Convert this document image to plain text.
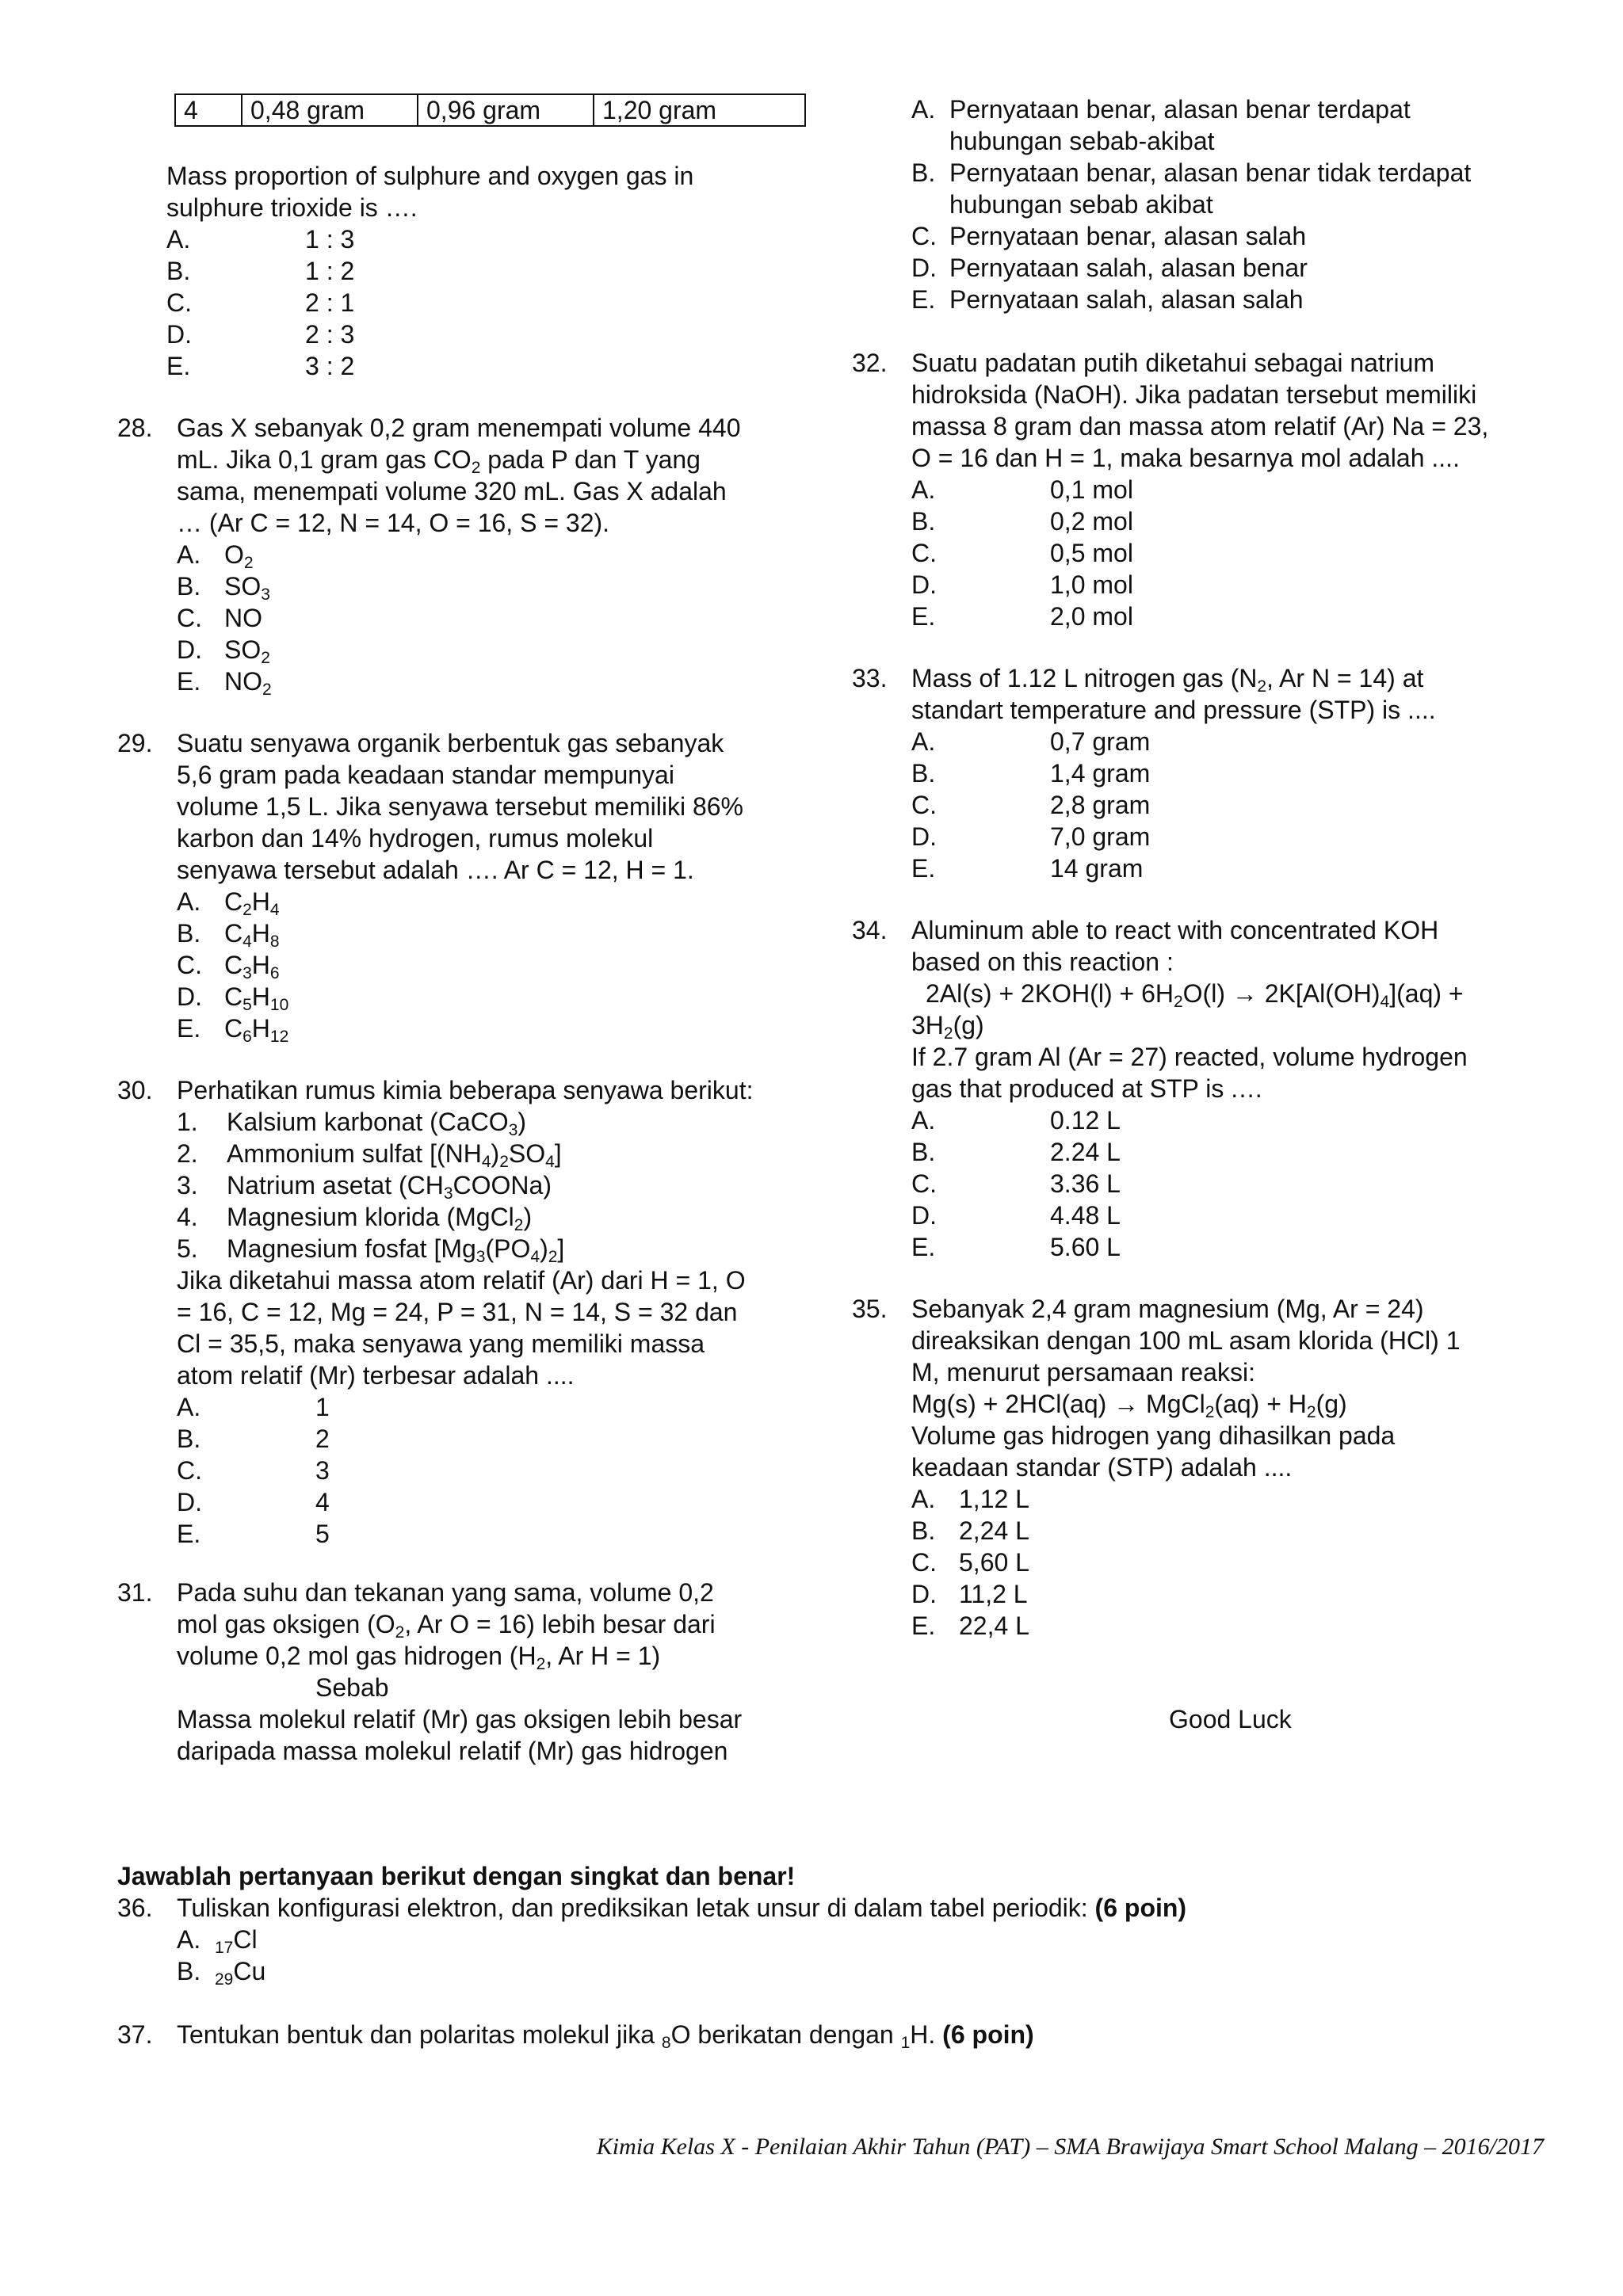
4	0,48 gram	0,96 gram	1,20 gram
Mass proportion of sulphure and oxygen gas in
sulphure trioxide is ….
A.	1 : 3
B.	1 : 2
C.	2 : 1
D.	2 : 3
E.	3 : 2
28. Gas X sebanyak 0,2 gram menempati volume 440
mL. Jika 0,1 gram gas $CO_2$ pada P dan T yang
sama, menempati volume 320 mL. Gas X adalah
… (Ar C = 12, N = 14, O = 16, S = 32).
A. $O_2$
B. $SO_3$
C. NO
D. $SO_2$
E. $NO_2$
29. Suatu senyawa organik berbentuk gas sebanyak
5,6 gram pada keadaan standar mempunyai
volume 1,5 L. Jika senyawa tersebut memiliki 86%
karbon dan 14% hydrogen, rumus molekul
senyawa tersebut adalah …. Ar C = 12, H = 1.
A. $C_2H_4$
B. $C_4H_8$
C. $C_3H_6$
D. $C_5H_{10}$
E. $C_6H_{12}$
30. Perhatikan rumus kimia beberapa senyawa berikut:
1. Kalsium karbonat (CaCO$_3$)
2. Ammonium sulfat $[(NH_4)_2SO_4]$
3. Natrium asetat $(CH_3COONa)$
4. Magnesium klorida (MgCl$_2$)
5. Magnesium fosfat $[Mg_3(PO_4)_2]$
Jika diketahui massa atom relatif (Ar) dari H = 1, O
= 16, C = 12, Mg = 24, P = 31, N = 14, S = 32 dan
Cl = 35,5, maka senyawa yang memiliki massa
atom relatif (Mr) terbesar adalah ....
A.	1
B.	2
C.	3
D.	4
E.	5
31. Pada suhu dan tekanan yang sama, volume 0,2
mol gas oksigen ($O_2$, Ar O = 16) lebih besar dari
volume 0,2 mol gas hidrogen ($H_2$, Ar H = 1)
Sebab
Massa molekul relatif (Mr) gas oksigen lebih besar
daripada massa molekul relatif (Mr) gas hidrogen
A. Pernyataan benar, alasan benar terdapat
hubungan sebab-akibat
B. Pernyataan benar, alasan benar tidak terdapat
hubungan sebab akibat
C. Pernyataan benar, alasan salah
D. Pernyataan salah, alasan benar
E. Pernyataan salah, alasan salah
32. Suatu padatan putih diketahui sebagai natrium
hidroksida (NaOH). Jika padatan tersebut memiliki
massa 8 gram dan massa atom relatif (Ar) Na = 23,
O = 16 dan H = 1, maka besarnya mol adalah ....
A.	0,1 mol
B.	0,2 mol
C.	0,5 mol
D.	1,0 mol
E.	2,0 mol
33. Mass of 1.12 L nitrogen gas ($N_2$, Ar N = 14) at
standart temperature and pressure (STP) is ....
A.	0,7 gram
B.	1,4 gram
C.	2,8 gram
D.	7,0 gram
E.	14 gram
34. Aluminum able to react with concentrated KOH
based on this reaction :
$2Al(s) + 2KOH(l) + 6H_2O(l) \to 2K[Al(OH)_4](aq)$ +
$3H_2(g)$
If 2.7 gram Al (Ar = 27) reacted, volume hydrogen
gas that produced at STP is .…
A.	0.12 L
B.	2.24 L
C.	3.36 L
D.	4.48 L
E.	5.60 L
35. Sebanyak 2,4 gram magnesium (Mg, Ar = 24)
direaksikan dengan 100 mL asam klorida (HCl) 1
M, menurut persamaan reaksi:
Mg(s) + 2HCl(aq) → MgCl$_2$(aq) + $H_2(g)$
Volume gas hidrogen yang dihasilkan pada
keadaan standar (STP) adalah ....
A. 1,12 L
B. 2,24 L
C. 5,60 L
D. 11,2 L
E. 22,4 L
Good Luck
Jawablah pertanyaan berikut dengan singkat dan benar!
36. Tuliskan konfigurasi elektron, dan prediksikan letak unsur di dalam tabel periodik: (6 poin)
A. $_{17}$Cl
B. $_{29}$Cu
37. Tentukan bentuk dan polaritas molekul jika $_8$O berikatan dengan $_1$H. (6 poin)
Kimia Kelas X - Penilaian Akhir Tahun (PAT) – SMA Brawijaya Smart School Malang – 2016/2017
